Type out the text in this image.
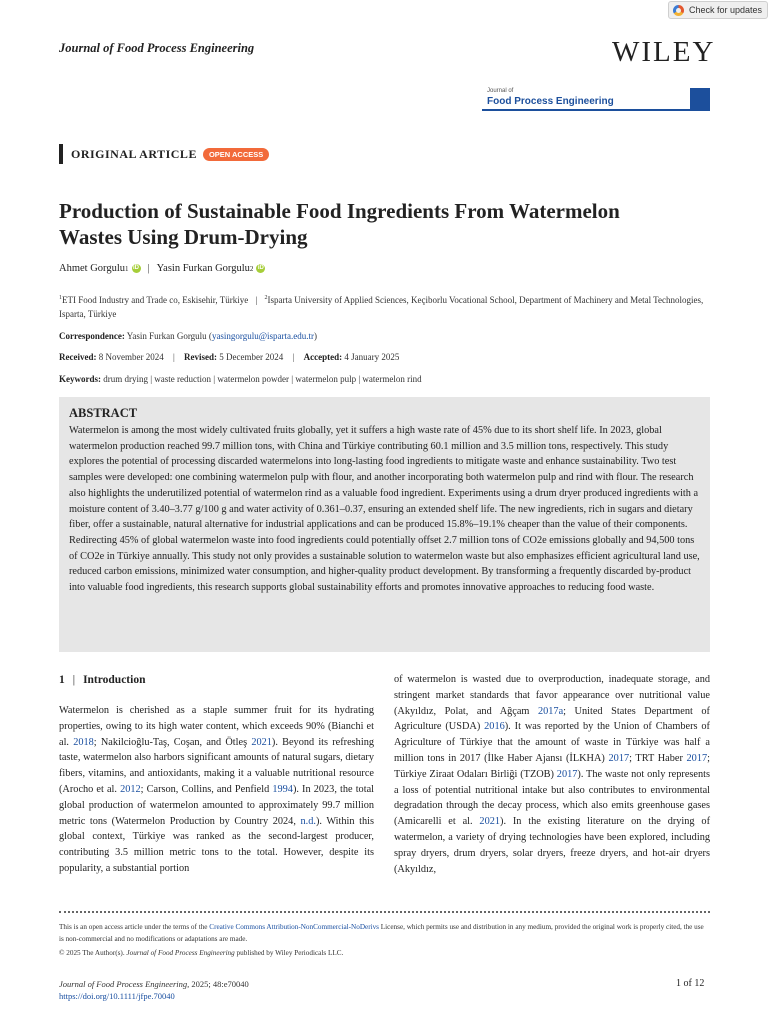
Check for updates
Journal of Food Process Engineering	WILEY
Journal of
Food Process Engineering
ORIGINAL ARTICLE	OPEN ACCESS
Production of Sustainable Food Ingredients From Watermelon Wastes Using Drum-Drying
Ahmet Gorgulu 1 iD | Yasin Furkan Gorgulu 2 iD
$^1$ETI Food Industry and Trade co, Eskisehir, Türkiye | $^2$Isparta University of Applied Sciences, Keçiborlu Vocational School, Department of Machinery and Metal Technologies, Isparta, Türkiye
Correspondence: Yasin Furkan Gorgulu (yasingorgulu@isparta.edu.tr)
Received: 8 November 2024 | Revised: 5 December 2024 | Accepted: 4 January 2025
Keywords: drum drying | waste reduction | watermelon powder | watermelon pulp | watermelon rind
ABSTRACT

Watermelon is among the most widely cultivated fruits globally, yet it suffers a high waste rate of 45% due to its short shelf life. In 2023, global watermelon production reached 99.7 million tons, with China and Türkiye contributing 60.1 million and 3.5 million tons, respectively. This study explores the potential of processing discarded watermelons into long-lasting food ingredients to mitigate waste and enhance sustainability. Two test samples were developed: one combining watermelon pulp with flour, and another incorporating both watermelon pulp and rind with flour. The research also highlights the underutilized potential of watermelon rind as a valuable food ingredient. Experiments using a drum dryer produced ingredients with a moisture content of 3.40–3.77 g/100 g and water activity of 0.361–0.37, ensuring an extended shelf life. The new ingredients, rich in sugars and dietary fiber, offer a sustainable, natural alternative for industrial applications and can be produced 15.8%–19.1% cheaper than the value of their components. Redirecting 45% of global watermelon waste into food ingredients could potentially offset 2.7 million tons of CO2e emissions globally and 94,500 tons of CO2e in Türkiye annually. This study not only provides a sustainable solution to watermelon waste but also emphasizes efficient agricultural land use, reduced carbon emissions, minimized water consumption, and higher-quality product development. By transforming a frequently discarded by-product into valuable food ingredients, this research supports global sustainability efforts and promotes innovative approaches to reducing food waste.

1 | Introduction
Watermelon is cherished as a staple summer fruit for its hydrating properties, owing to its high water content, which exceeds 90% (Bianchi et al. 2018; Nakilcioğlu-Taş, Coşan, and Ötleş 2021). Beyond its refreshing taste, watermelon also harbors significant amounts of natural sugars, dietary fibers, vitamins, and antioxidants, making it a valuable nutritional resource (Arocho et al. 2012; Carson, Collins, and Penfield 1994). In 2023, the total global production of watermelon amounted to approximately 99.7 million metric tons (Watermelon Production by Country 2024, n.d.). Within this global context, Türkiye was ranked as the second-largest producer, contributing 3.5 million metric tons to the total. However, despite its popularity, a substantial portion
of watermelon is wasted due to overproduction, inadequate storage, and stringent market standards that favor appearance over nutritional value (Akyıldız, Polat, and Ağçam 2017a; United States Department of Agriculture (USDA) 2016). It was reported by the Union of Chambers of Agriculture of Türkiye that the amount of waste in Türkiye was half a million tons in 2017 (İlke Haber Ajansı (İLKHA) 2017; TRT Haber 2017; Türkiye Ziraat Odaları Birliği (TZOB) 2017). The waste not only represents a loss of potential nutritional intake but also contributes to environmental degradation through the decay process, which also emits greenhouse gases (Amicarelli et al. 2021). In the existing literature on the drying of watermelon, a variety of drying technologies have been explored, including spray dryers, drum dryers, solar dryers, freeze dryers, and hot-air dryers (Akyıldız,
This is an open access article under the terms of the Creative Commons Attribution-NonCommercial-NoDerivs License, which permits use and distribution in any medium, provided the original work is properly cited, the use is non-commercial and no modifications or adaptations are made.
© 2025 The Author(s). Journal of Food Process Engineering published by Wiley Periodicals LLC.
Journal of Food Process Engineering, 2025; 48:e70040
https://doi.org/10.1111/jfpe.70040
1 of 12
